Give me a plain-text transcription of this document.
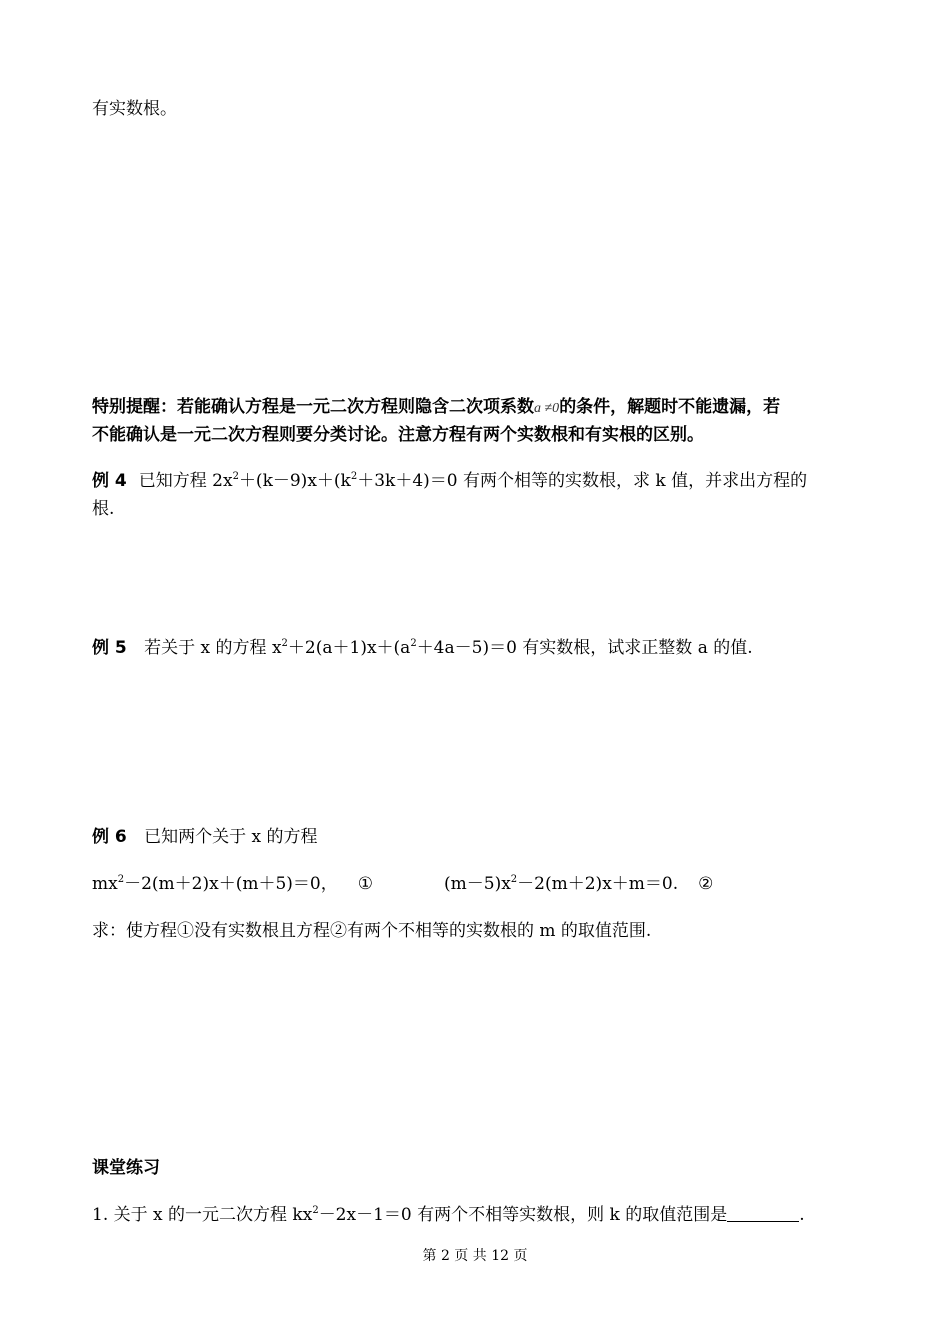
有实数根。
特别提醒：若能确认方程是一元二次方程则隐含二次项系数a ≠0的条件，解题时不能遗漏，若
不能确认是一元二次方程则要分类讨论。注意方程有两个实数根和有实根的区别。
例 4 已知方程 $2x^2+(k-9)x+(k^2+3k+4)=0$ 有两个相等的实数根，求 k 值，并求出方程的
根.
例 5 若关于 x 的方程 $x^2+2(a+1)x+(a^2+4a-5)=0$ 有实数根，试求正整数 a 的值.
例 6 已知两个关于 x 的方程
$mx^2-2(m+2)x+(m+5)=0$， ①	$(m-5)x^2-2(m+2)x+m=0$. ②
求：使方程①没有实数根且方程②有两个不相等的实数根的 m 的取值范围.
课堂练习
1. 关于 x 的一元二次方程 $kx^2-2x-1=0$ 有两个不相等实数根，则 k 的取值范围是	.
第 2 页 共 12 页
